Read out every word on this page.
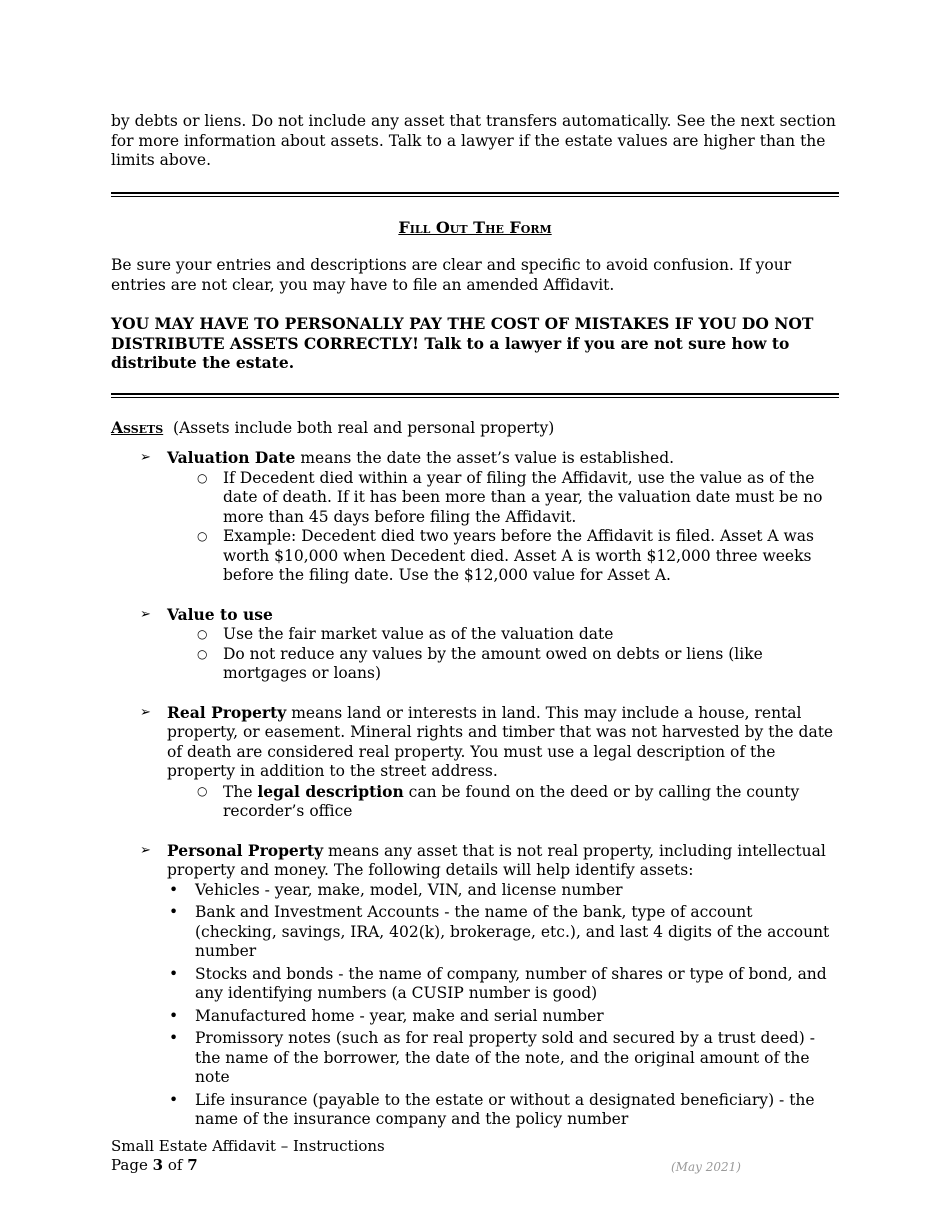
by debts or liens. Do not include any asset that transfers automatically. See the next section for more information about assets. Talk to a lawyer if the estate values are higher than the limits above.

Fill Out The Form

Be sure your entries and descriptions are clear and specific to avoid confusion. If your entries are not clear, you may have to file an amended Affidavit.

YOU MAY HAVE TO PERSONALLY PAY THE COST OF MISTAKES IF YOU DO NOT DISTRIBUTE ASSETS CORRECTLY! Talk to a lawyer if you are not sure how to distribute the estate.

Assets (Assets include both real and personal property)

➢ Valuation Date means the date the asset’s value is established.
○ If Decedent died within a year of filing the Affidavit, use the value as of the date of death. If it has been more than a year, the valuation date must be no more than 45 days before filing the Affidavit.
○ Example: Decedent died two years before the Affidavit is filed. Asset A was worth $10,000 when Decedent died. Asset A is worth $12,000 three weeks before the filing date. Use the $12,000 value for Asset A.
➢ Value to use
○ Use the fair market value as of the valuation date
○ Do not reduce any values by the amount owed on debts or liens (like mortgages or loans)
➢ Real Property means land or interests in land. This may include a house, rental property, or easement. Mineral rights and timber that was not harvested by the date of death are considered real property. You must use a legal description of the property in addition to the street address.
○ The legal description can be found on the deed or by calling the county recorder’s office
➢ Personal Property means any asset that is not real property, including intellectual property and money. The following details will help identify assets:
• Vehicles - year, make, model, VIN, and license number
• Bank and Investment Accounts - the name of the bank, type of account (checking, savings, IRA, 402(k), brokerage, etc.), and last 4 digits of the account number
• Stocks and bonds - the name of company, number of shares or type of bond, and any identifying numbers (a CUSIP number is good)
• Manufactured home - year, make and serial number
• Promissory notes (such as for real property sold and secured by a trust deed) - the name of the borrower, the date of the note, and the original amount of the note
• Life insurance (payable to the estate or without a designated beneficiary) - the name of the insurance company and the policy number
Small Estate Affidavit – Instructions
Page 3 of 7	(May 2021)
